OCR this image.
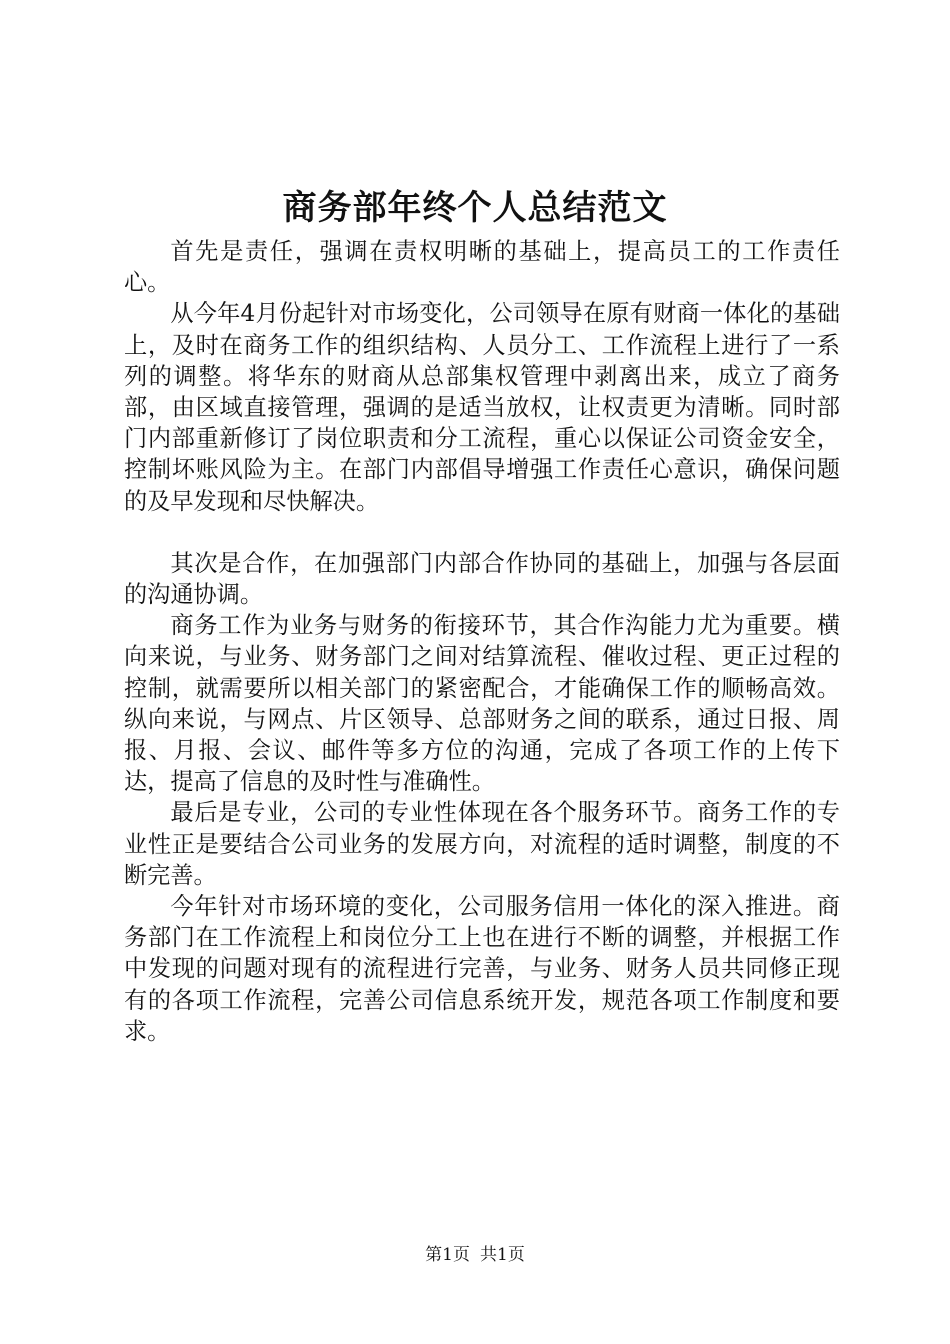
商务部年终个人总结范文

首先是责任，强调在责权明晰的基础上，提高员工的工作责任心。

从今年4月份起针对市场变化，公司领导在原有财商一体化的基础上，及时在商务工作的组织结构、人员分工、工作流程上进行了一系列的调整。将华东的财商从总部集权管理中剥离出来，成立了商务部，由区域直接管理，强调的是适当放权，让权责更为清晰。同时部门内部重新修订了岗位职责和分工流程，重心以保证公司资金安全，控制坏账风险为主。在部门内部倡导增强工作责任心意识，确保问题的及早发现和尽快解决。

其次是合作，在加强部门内部合作协同的基础上，加强与各层面的沟通协调。

商务工作为业务与财务的衔接环节，其合作沟能力尤为重要。横向来说，与业务、财务部门之间对结算流程、催收过程、更正过程的控制，就需要所以相关部门的紧密配合，才能确保工作的顺畅高效。纵向来说，与网点、片区领导、总部财务之间的联系，通过日报、周报、月报、会议、邮件等多方位的沟通，完成了各项工作的上传下达，提高了信息的及时性与准确性。

最后是专业，公司的专业性体现在各个服务环节。商务工作的专业性正是要结合公司业务的发展方向，对流程的适时调整，制度的不断完善。

今年针对市场环境的变化，公司服务信用一体化的深入推进。商务部门在工作流程上和岗位分工上也在进行不断的调整，并根据工作中发现的问题对现有的流程进行完善，与业务、财务人员共同修正现有的各项工作流程，完善公司信息系统开发，规范各项工作制度和要求。

第1页 共1页
